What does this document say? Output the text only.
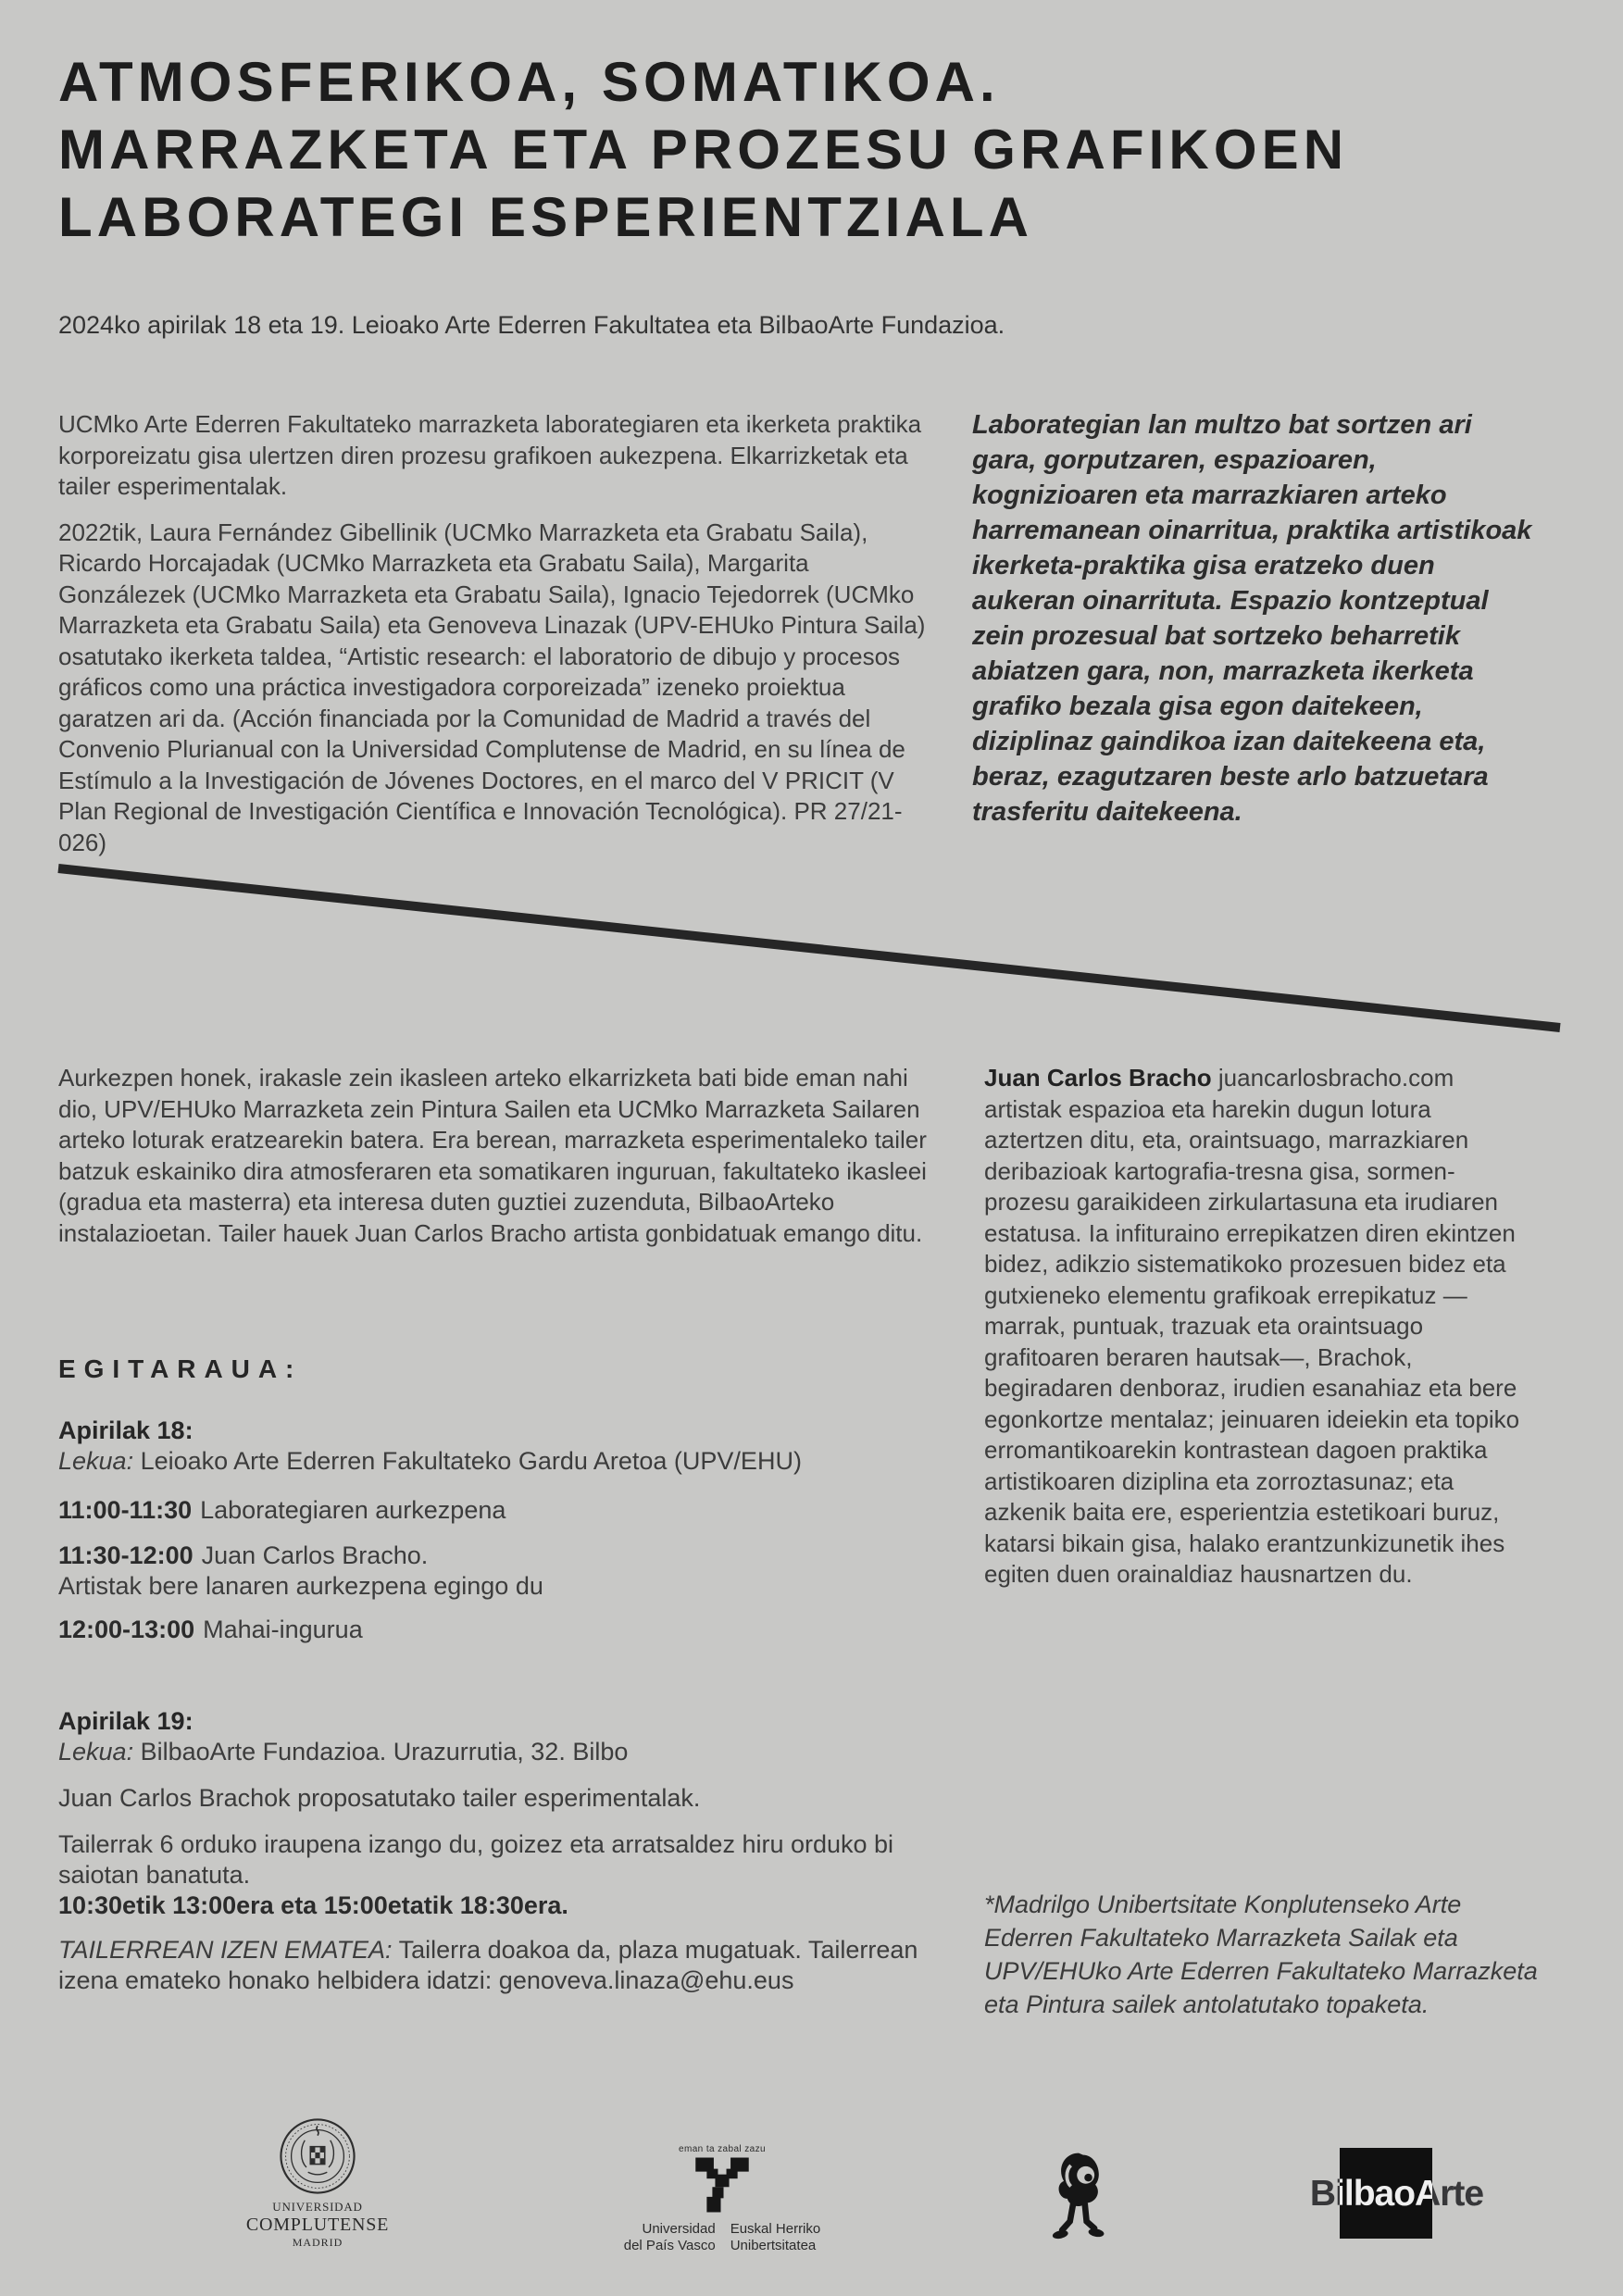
ATMOSFERIKOA, SOMATIKOA.
MARRAZKETA ETA PROZESU GRAFIKOEN
LABORATEGI ESPERIENTZIALA
2024ko apirilak 18 eta 19. Leioako Arte Ederren Fakultatea eta BilbaoArte Fundazioa.

UCMko Arte Ederren Fakultateko marrazketa laborategiaren eta ikerketa praktika korporeizatu gisa ulertzen diren prozesu grafikoen aukezpena. Elkarrizketak eta tailer esperimentalak.

2022tik, Laura Fernández Gibellinik (UCMko Marrazketa eta Grabatu Saila), Ricardo Horcajadak (UCMko Marrazketa eta Grabatu Saila), Margarita Gonzálezek (UCMko Marrazketa eta Grabatu Saila), Ignacio Tejedorrek (UCMko Marrazketa eta Grabatu Saila) eta Genoveva Linazak (UPV-EHUko Pintura Saila) osatutako ikerketa taldea, “Artistic research: el laboratorio de dibujo y procesos gráficos como una práctica investigadora corporeizada” izeneko proiektua garatzen ari da. (Acción financiada por la Comunidad de Madrid a través del Convenio Plurianual con la Universidad Complutense de Madrid, en su línea de Estímulo a la Investigación de Jóvenes Doctores, en el marco del V PRICIT (V Plan Regional de Investigación Científica e Innovación Tecnológica). PR 27/21-026)

Laborategian lan multzo bat sortzen ari gara, gorputzaren, espazioaren, kognizioaren eta marrazkiaren arteko harremanean oinarritua, praktika artistikoak ikerketa-praktika gisa eratzeko duen aukeran oinarrituta. Espazio kontzeptual zein prozesual bat sortzeko beharretik abiatzen gara, non, marrazketa ikerketa grafiko bezala gisa egon daitekeen, diziplinaz gaindikoa izan daitekeena eta, beraz, ezagutzaren beste arlo batzuetara trasferitu daitekeena.

Aurkezpen honek, irakasle zein ikasleen arteko elkarrizketa bati bide eman nahi dio, UPV/EHUko Marrazketa zein Pintura Sailen eta UCMko Marrazketa Sailaren arteko loturak eratzearekin batera. Era berean, marrazketa esperimentaleko tailer batzuk eskainiko dira atmosferaren eta somatikaren inguruan, fakultateko ikasleei (gradua eta masterra) eta interesa duten guztiei zuzenduta, BilbaoArteko instalazioetan. Tailer hauek Juan Carlos Bracho artista gonbidatuak emango ditu.

EGITARAUA:

Apirilak 18:

Lekua: Leioako Arte Ederren Fakultateko Gardu Aretoa (UPV/EHU)

11:00-11:30 Laborategiaren aurkezpena

11:30-12:00 Juan Carlos Bracho.

Artistak bere lanaren aurkezpena egingo du

12:00-13:00 Mahai-ingurua

Apirilak 19:

Lekua: BilbaoArte Fundazioa. Urazurrutia, 32. Bilbo

Juan Carlos Brachok proposatutako tailer esperimentalak.

Tailerrak 6 orduko iraupena izango du, goizez eta arratsaldez hiru orduko bi saiotan banatuta.

10:30etik 13:00era eta 15:00etatik 18:30era.

TAILERREAN IZEN EMATEA: Tailerra doakoa da, plaza mugatuak. Tailerrean izena emateko honako helbidera idatzi: genoveva.linaza@ehu.eus

Juan Carlos Bracho juancarlosbracho.com

artistak espazioa eta harekin dugun lotura aztertzen ditu, eta, oraintsuago, marrazkiaren deribazioak kartografia-tresna gisa, sormen-prozesu garaikideen zirkulartasuna eta irudiaren estatusa. Ia infituraino errepikatzen diren ekintzen bidez, adikzio sistematikoko prozesuen bidez eta gutxieneko elementu grafikoak errepikatuz —marrak, puntuak, trazuak eta oraintsuago grafitoaren beraren hautsak—, Brachok, begiradaren denboraz, irudien esanahiaz eta bere egonkortze mentalaz; jeinuaren ideiekin eta topiko erromantikoarekin kontrastean dagoen praktika artistikoaren diziplina eta zorroztasunaz; eta azkenik baita ere, esperientzia estetikoari buruz, katarsi bikain gisa, halako erantzunkizunetik ihes egiten duen orainaldiaz hausnartzen du.

*Madrilgo Unibertsitate Konplutenseko Arte Ederren Fakultateko Marrazketa Sailak eta UPV/EHUko Arte Ederren Fakultateko Marrazketa eta Pintura sailek antolatutako topaketa.

UNIVERSIDAD
COMPLUTENSE
MADRID
eman ta zabal zazu
Universidad
del País Vasco
Euskal Herriko
Unibertsitatea
BilbaoArte
